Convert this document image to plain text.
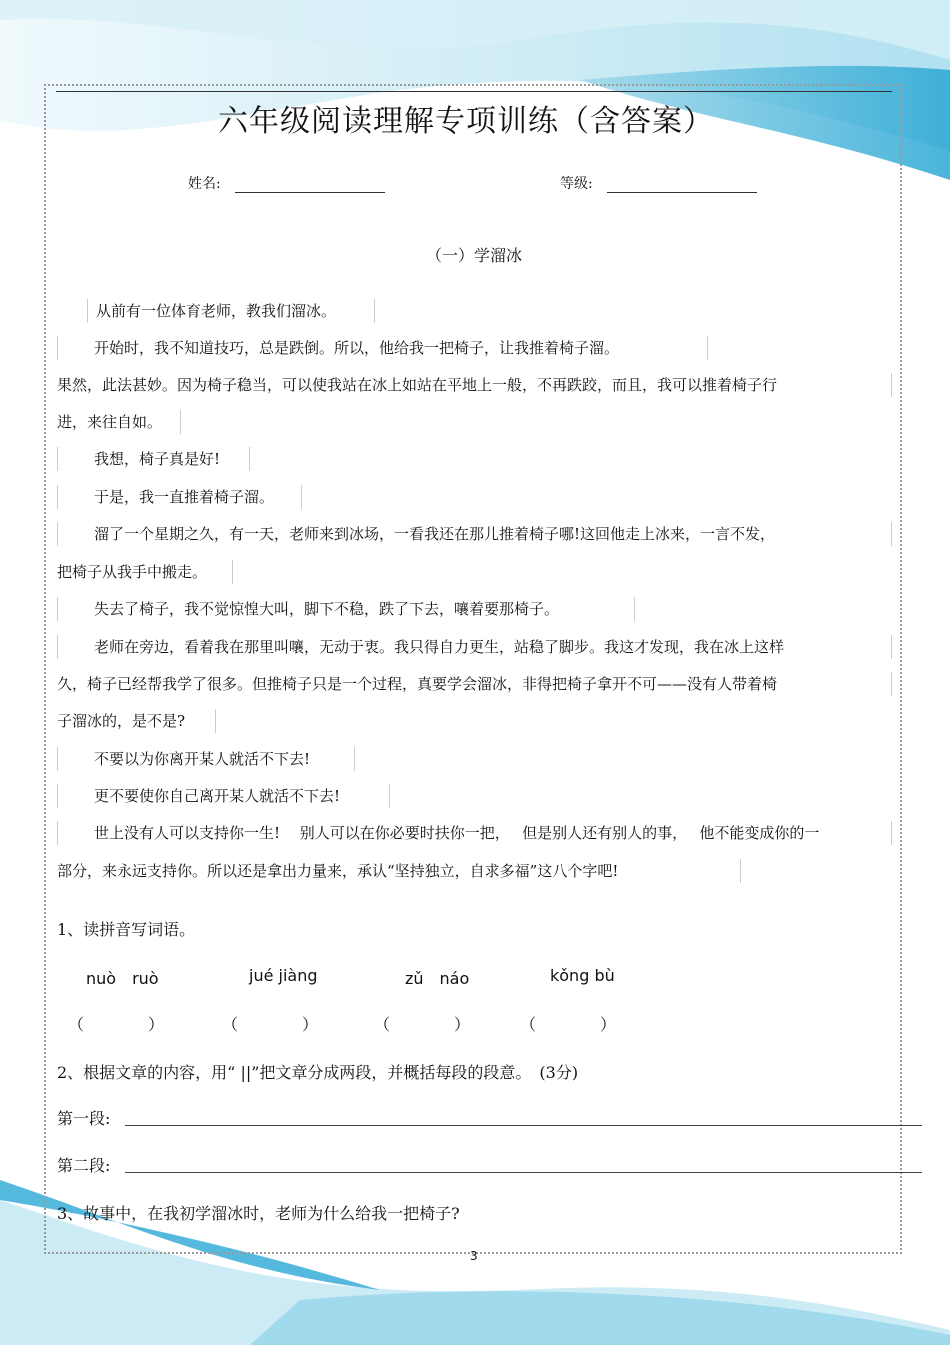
六年级阅读理解专项训练（含答案）
姓名:	等级:
（一）学溜冰
从前有一位体育老师，教我们溜冰。
开始时，我不知道技巧，总是跌倒。所以，他给我一把椅子，让我推着椅子溜。
果然，此法甚妙。因为椅子稳当，可以使我站在冰上如站在平地上一般，不再跌跤，而且，我可以推着椅子行
进，来往自如。
我想，椅子真是好!
于是，我一直推着椅子溜。
溜了一个星期之久，有一天，老师来到冰场，一看我还在那儿推着椅子哪!这回他走上冰来，一言不发，
把椅子从我手中搬走。
失去了椅子，我不觉惊惶大叫，脚下不稳，跌了下去，嚷着要那椅子。
老师在旁边，看着我在那里叫嚷，无动于衷。我只得自力更生，站稳了脚步。我这才发现，我在冰上这样
久，椅子已经帮我学了很多。但推椅子只是一个过程，真要学会溜冰，非得把椅子拿开不可——没有人带着椅
子溜冰的，是不是?
不要以为你离开某人就活不下去!
更不要使你自己离开某人就活不下去!
世上没有人可以支持你一生!　 别人可以在你必要时扶你一把，　 但是别人还有别人的事，　 他不能变成你的一
部分，来永远支持你。所以还是拿出力量来，承认“坚持独立，自求多福”这八个字吧!
1、读拼音写词语。
nuò　ruò	jué jiàng	zǔ　náo	kǒng bù
（　　　　）	（　　　　）	（　　　　）	（　　　　）
2、根据文章的内容，用“ ||”把文章分成两段，并概括每段的段意。　(3分)
第一段:
第二段:
3、故事中，在我初学溜冰时，老师为什么给我一把椅子?
3
